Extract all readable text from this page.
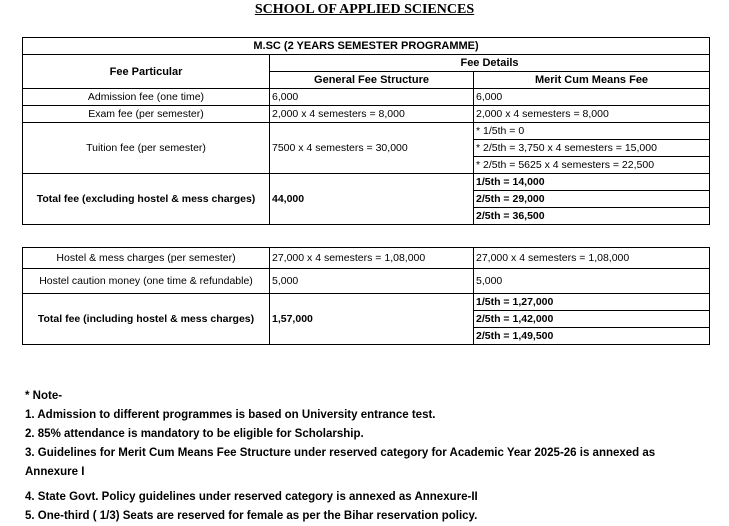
SCHOOL OF APPLIED SCIENCES
M.SC (2 YEARS SEMESTER PROGRAMME)		
Fee Particular	Fee Details	
	General Fee Structure	Merit Cum Means Fee
Admission fee (one time)	6,000	6,000
Exam fee (per semester)	2,000 x 4 semesters = 8,000	2,000 x 4 semesters = 8,000
Tuition fee (per semester)	7500 x 4 semesters = 30,000	* 1/5th = 0
		* 2/5th = 3,750 x 4 semesters = 15,000
		* 2/5th = 5625 x 4 semesters = 22,500
Total fee (excluding hostel & mess charges)	44,000	1/5th = 14,000
		2/5th = 29,000
		2/5th = 36,500
Hostel & mess charges (per semester)	27,000 x 4 semesters = 1,08,000	27,000 x 4 semesters = 1,08,000
Hostel caution money (one time & refundable)	5,000	5,000
Total fee (including hostel & mess charges)	1,57,000	1/5th = 1,27,000
		2/5th = 1,42,000
		2/5th = 1,49,500
* Note-
1. Admission to different programmes is based on University entrance test.
2. 85% attendance is mandatory to be eligible for Scholarship.
3. Guidelines for Merit Cum Means Fee Structure under reserved category for Academic Year 2025-26 is annexed as
Annexure I
4. State Govt. Policy guidelines under reserved category is annexed as Annexure-II
5. One-third ( 1/3) Seats are reserved for female as per the Bihar reservation policy.
